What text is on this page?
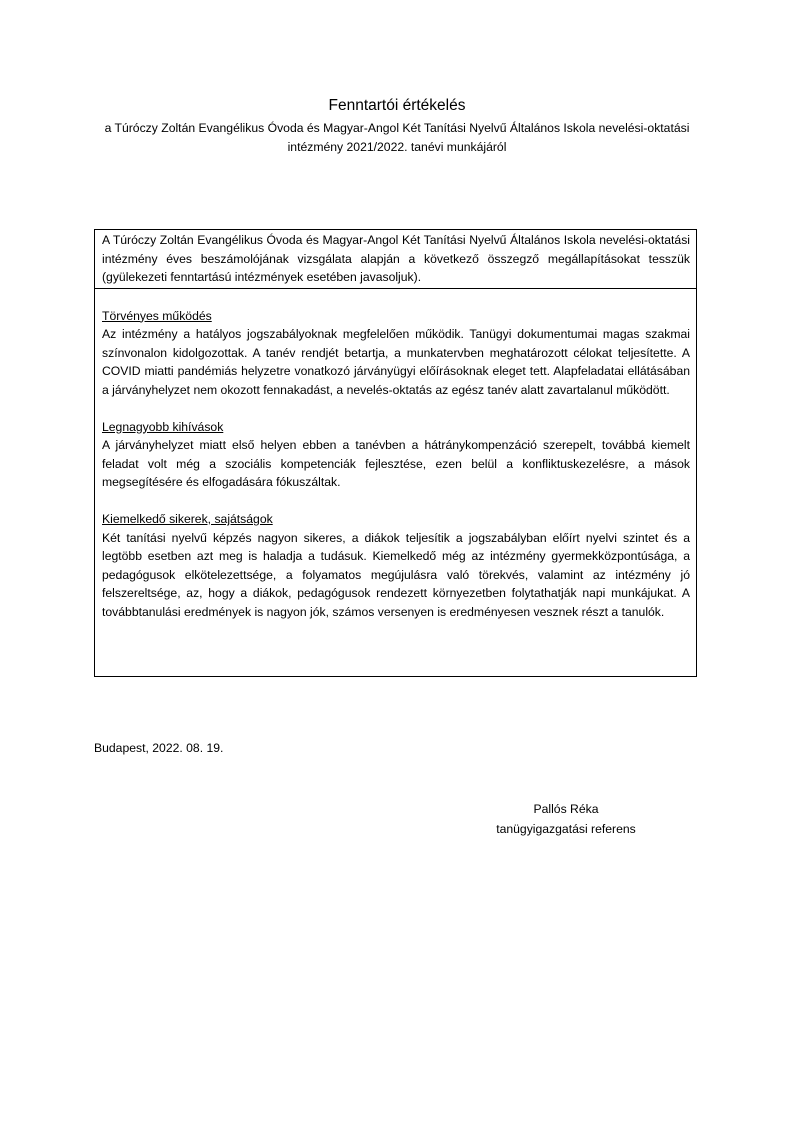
Fenntartói értékelés
a Túróczy Zoltán Evangélikus Óvoda és Magyar-Angol Két Tanítási Nyelvű Általános Iskola nevelési-oktatási intézmény 2021/2022. tanévi munkájáról
A Túróczy Zoltán Evangélikus Óvoda és Magyar-Angol Két Tanítási Nyelvű Általános Iskola nevelési-oktatási intézmény éves beszámolójának vizsgálata alapján a következő összegző megállapításokat tesszük (gyülekezeti fenntartású intézmények esetében javasoljuk).
Törvényes működés
Az intézmény a hatályos jogszabályoknak megfelelően működik. Tanügyi dokumentumai magas szakmai színvonalon kidolgozottak. A tanév rendjét betartja, a munkatervben meghatározott célokat teljesítette. A COVID miatti pandémiás helyzetre vonatkozó járványügyi előírásoknak eleget tett. Alapfeladatai ellátásában a járványhelyzet nem okozott fennakadást, a nevelés-oktatás az egész tanév alatt zavartalanul működött.
Legnagyobb kihívások
A járványhelyzet miatt első helyen ebben a tanévben a hátránykompenzáció szerepelt, továbbá kiemelt feladat volt még a szociális kompetenciák fejlesztése, ezen belül a konfliktuskezelésre, a mások megsegítésére és elfogadására fókuszáltak.
Kiemelkedő sikerek, sajátságok
Két tanítási nyelvű képzés nagyon sikeres, a diákok teljesítik a jogszabályban előírt nyelvi szintet és a legtöbb esetben azt meg is haladja a tudásuk. Kiemelkedő még az intézmény gyermekközpontúsága, a pedagógusok elkötelezettsége, a folyamatos megújulásra való törekvés, valamint az intézmény jó felszereltsége, az, hogy a diákok, pedagógusok rendezett környezetben folytathatják napi munkájukat. A továbbtanulási eredmények is nagyon jók, számos versenyen is eredményesen vesznek részt a tanulók.
Budapest, 2022. 08. 19.
Pallós Réka
tanügyigazgatási referens
